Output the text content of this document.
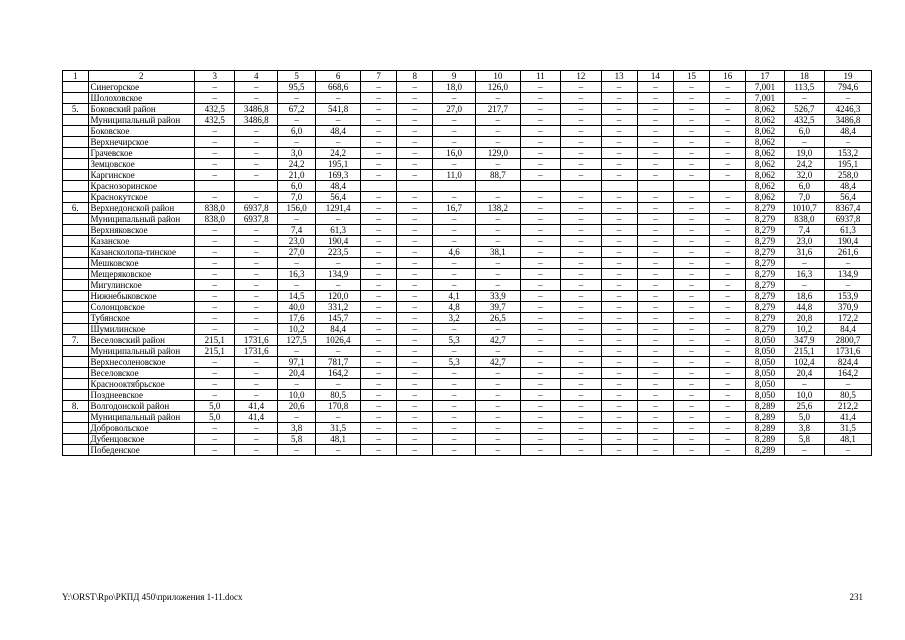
1	2	3	4	5	6	7	8	9	10	11	12	13	14	15	16	17	18	19
	Синегорское	–	–	95,5	668,6	–	–	18,0	126,0	–	–	–	–	–	–	7,001	113,5	794,6
	Шолоховское	–	–	–	–	–	–	–	–	–	–	–	–	–	–	7,001	–	–
5.	Боковский район	432,5	3486,8	67,2	541,8	–	–	27,0	217,7	–	–	–	–	–	–	8,062	526,7	4246,3
	Муниципальный район	432,5	3486,8	–	–	–	–	–	–	–	–	–	–	–	–	8,062	432,5	3486,8
	Боковское	–	–	6,0	48,4	–	–	–	–	–	–	–	–	–	–	8,062	6,0	48,4
	Верхнечирское	–	–	–	–	–	–	–	–	–	–	–	–	–	–	8,062	–	–
	Грачевское	–	–	3,0	24,2	–	–	16,0	129,0	–	–	–	–	–	–	8,062	19,0	153,2
	Земцовское	–	–	24,2	195,1	–	–	–	–	–	–	–	–	–	–	8,062	24,2	195,1
	Каргинское	–	–	21,0	169,3	–	–	11,0	88,7	–	–	–	–	–	–	8,062	32,0	258,0
	Краснозоринское			6,0	48,4											8,062	6,0	48,4
	Краснокутское	–	–	7,0	56,4	–	–	–	–	–	–	–	–	–	–	8,062	7,0	56,4
6.	Верхнедонской район	838,0	6937,8	156,0	1291,4	–	–	16,7	138,2	–	–	–	–	–	–	8,279	1010,7	8367,4
	Муниципальный район	838,0	6937,8	–	–	–	–	–	–	–	–	–	–	–	–	8,279	838,0	6937,8
	Верхняковское	–	–	7,4	61,3	–	–	–	–	–	–	–	–	–	–	8,279	7,4	61,3
	Казанское	–	–	23,0	190,4	–	–	–	–	–	–	–	–	–	–	8,279	23,0	190,4
	Казансколопа-тинское	–	–	27,0	223,5	–	–	4,6	38,1	–	–	–	–	–	–	8,279	31,6	261,6
	Мешковское	–	–	–	–	–	–	–	–	–	–	–	–	–	–	8,279	–	–
	Мещеряковское	–	–	16,3	134,9	–	–	–	–	–	–	–	–	–	–	8,279	16,3	134,9
	Мигулинское	–	–	–	–	–	–	–	–	–	–	–	–	–	–	8,279	–	–
	Нижнебыковское	–	–	14,5	120,0	–	–	4,1	33,9	–	–	–	–	–	–	8,279	18,6	153,9
	Солонцовское	–	–	40,0	331,2	–	–	4,8	39,7	–	–	–	–	–	–	8,279	44,8	370,9
	Тубянское	–	–	17,6	145,7	–	–	3,2	26,5	–	–	–	–	–	–	8,279	20,8	172,2
	Шумилинское	–	–	10,2	84,4	–	–	–	–	–	–	–	–	–	–	8,279	10,2	84,4
7.	Веселовский район	215,1	1731,6	127,5	1026,4	–	–	5,3	42,7	–	–	–	–	–	–	8,050	347,9	2800,7
	Муниципальный район	215,1	1731,6	–	–	–	–	–	–	–	–	–	–	–	–	8,050	215,1	1731,6
	Верхнесоленовское	–	–	97,1	781,7	–	–	5,3	42,7	–	–	–	–	–	–	8,050	102,4	824,4
	Веселовское	–	–	20,4	164,2	–	–	–	–	–	–	–	–	–	–	8,050	20,4	164,2
	Краснооктябрьское	–	–	–	–	–	–	–	–	–	–	–	–	–	–	8,050	–	–
	Позднеевское	–	–	10,0	80,5	–	–	–	–	–	–	–	–	–	–	8,050	10,0	80,5
8.	Волгодонской район	5,0	41,4	20,6	170,8	–	–	–	–	–	–	–	–	–	–	8,289	25,6	212,2
	Муниципальный район	5,0	41,4	–	–	–	–	–	–	–	–	–	–	–	–	8,289	5,0	41,4
	Добровольское	–	–	3,8	31,5	–	–	–	–	–	–	–	–	–	–	8,289	3,8	31,5
	Дубенцовское	–	–	5,8	48,1	–	–	–	–	–	–	–	–	–	–	8,289	5,8	48,1
	Победенское	–	–	–	–	–	–	–	–	–	–	–	–	–	–	8,289	–	–
Y:\ORST\Rpo\РКПД 450\приложения 1-11.docx	231
